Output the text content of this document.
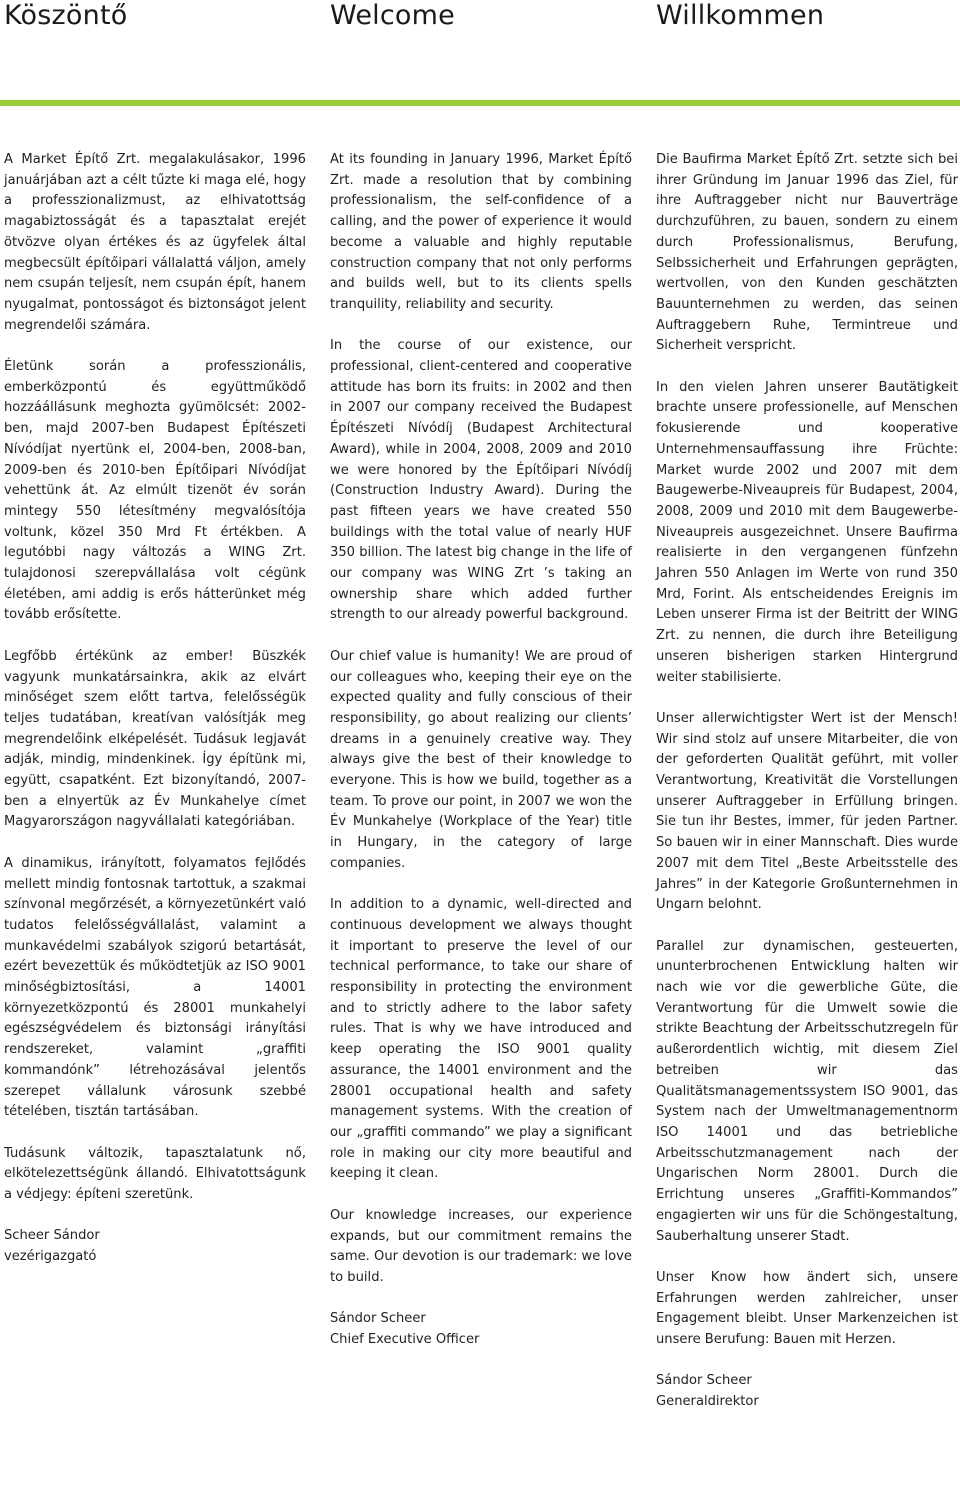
Köszöntő	Welcome	Willkommen

A Market Építő Zrt. megalakulásakor, 1996 januárjában azt a célt tűzte ki maga elé, hogy a professzionalizmust, az elhivatottság magabiztosságát és a tapasztalat erejét ötvözve olyan értékes és az ügyfelek által megbecsült építőipari vállalattá váljon, amely nem csupán teljesít, nem csupán épít, hanem nyugalmat, pontosságot és biztonságot jelent megrendelői számára.

Életünk során a professzionális, emberközpontú és együttműködő hozzáállásunk meghozta gyümölcsét: 2002-ben, majd 2007-ben Budapest Építészeti Nívódíjat nyertünk el, 2004-ben, 2008-ban, 2009-ben és 2010-ben Építőipari Nívódíjat vehettünk át. Az elmúlt tizenöt év során mintegy 550 létesítmény megvalósítója voltunk, közel 350 Mrd Ft értékben. A legutóbbi nagy változás a WING Zrt. tulajdonosi szerepvállalása volt cégünk életében, ami addig is erős hátterünket még tovább erősítette.

Legfőbb értékünk az ember! Büszkék vagyunk munkatársainkra, akik az elvárt minőséget szem előtt tartva, felelősségük teljes tudatában, kreatívan valósítják meg megrendelőink elképelését. Tudásuk legjavát adják, mindig, mindenkinek. Így építünk mi, együtt, csapatként. Ezt bizonyítandó, 2007-ben a elnyertük az Év Munkahelye címet Magyarországon nagyvállalati kategóriában.

A dinamikus, irányított, folyamatos fejlődés mellett mindig fontosnak tartottuk, a szakmai színvonal megőrzését, a környezetünkért való tudatos felelősségvállalást, valamint a munkavédelmi szabályok szigorú betartását, ezért bevezettük és működtetjük az ISO 9001 minőségbiztosítási, a 14001 környezetközpontú és 28001 munkahelyi egészségvédelem és biztonsági irányítási rendszereket, valamint „graffiti kommandónk” létrehozásával jelentős szerepet vállalunk városunk szebbé tételében, tisztán tartásában.

Tudásunk változik, tapasztalatunk nő, elkötelezettségünk állandó. Elhivatottságunk a védjegy: építeni szeretünk.

Scheer Sándor
vezérigazgató

At its founding in January 1996, Market Építő Zrt. made a resolution that by combining professionalism, the self-confidence of a calling, and the power of experience it would become a valuable and highly reputable construction company that not only performs and builds well, but to its clients spells tranquility, reliability and security.

In the course of our existence, our professional, client-centered and cooperative attitude has born its fruits: in 2002 and then in 2007 our company received the Budapest Építészeti Nívódíj (Budapest Architectural Award), while in 2004, 2008, 2009 and 2010 we were honored by the Építőipari Nívódíj (Construction Industry Award). During the past fifteen years we have created 550 buildings with the total value of nearly HUF 350 billion. The latest big change in the life of our company was WING Zrt ’s taking an ownership share which added further strength to our already powerful background.

Our chief value is humanity! We are proud of our colleagues who, keeping their eye on the expected quality and fully conscious of their responsibility, go about realizing our clients’ dreams in a genuinely creative way. They always give the best of their knowledge to everyone. This is how we build, together as a team. To prove our point, in 2007 we won the Év Munkahelye (Workplace of the Year) title in Hungary, in the category of large companies.

In addition to a dynamic, well-directed and continuous development we always thought it important to preserve the level of our technical performance, to take our share of responsibility in protecting the environment and to strictly adhere to the labor safety rules. That is why we have introduced and keep operating the ISO 9001 quality assurance, the 14001 environment and the 28001 occupational health and safety management systems. With the creation of our „graffiti commando” we play a significant role in making our city more beautiful and keeping it clean.

Our knowledge increases, our experience expands, but our commitment remains the same. Our devotion is our trademark: we love to build.

Sándor Scheer
Chief Executive Officer

Die Baufirma Market Építő Zrt. setzte sich bei ihrer Gründung im Januar 1996 das Ziel, für ihre Auftraggeber nicht nur Bauverträge durchzuführen, zu bauen, sondern zu einem durch Professionalismus, Berufung, Selbssicherheit und Erfahrungen geprägten, wertvollen, von den Kunden geschätzten Bauunternehmen zu werden, das seinen Auftraggebern Ruhe, Termintreue und Sicherheit verspricht.

In den vielen Jahren unserer Bautätigkeit brachte unsere professionelle, auf Menschen fokusierende und kooperative Unternehmensauffassung ihre Früchte: Market wurde 2002 und 2007 mit dem Baugewerbe-Niveaupreis für Budapest, 2004, 2008, 2009 und 2010 mit dem Baugewerbe-Niveaupreis ausgezeichnet. Unsere Baufirma realisierte in den vergangenen fünfzehn Jahren 550 Anlagen im Werte von rund 350 Mrd, Forint. Als entscheidendes Ereignis im Leben unserer Firma ist der Beitritt der WING Zrt. zu nennen, die durch ihre Beteiligung unseren bisherigen starken Hintergrund weiter stabilisierte.

Unser allerwichtigster Wert ist der Mensch! Wir sind stolz auf unsere Mitarbeiter, die von der geforderten Qualität geführt, mit voller Verantwortung, Kreativität die Vorstellungen unserer Auftraggeber in Erfüllung bringen. Sie tun ihr Bestes, immer, für jeden Partner. So bauen wir in einer Mannschaft. Dies wurde 2007 mit dem Titel „Beste Arbeitsstelle des Jahres” in der Kategorie Großunternehmen in Ungarn belohnt.

Parallel zur dynamischen, gesteuerten, ununterbrochenen Entwicklung halten wir nach wie vor die gewerbliche Güte, die Verantwortung für die Umwelt sowie die strikte Beachtung der Arbeitsschutzregeln für außerordentlich wichtig, mit diesem Ziel betreiben wir das Qualitätsmanagementssystem ISO 9001, das System nach der Umweltmanagementnorm ISO 14001 und das betriebliche Arbeitsschutzmanagement nach der Ungarischen Norm 28001. Durch die Errichtung unseres „Graffiti-Kommandos” engagierten wir uns für die Schöngestaltung, Sauberhaltung unserer Stadt.

Unser Know how ändert sich, unsere Erfahrungen werden zahlreicher, unser Engagement bleibt. Unser Markenzeichen ist unsere Berufung: Bauen mit Herzen.

Sándor Scheer
Generaldirektor
